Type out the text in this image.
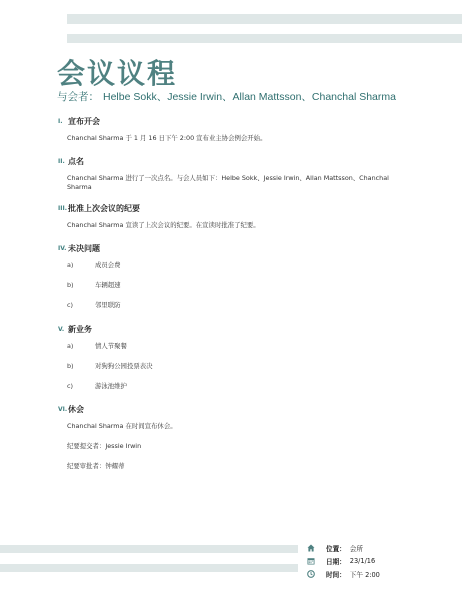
会议议程
与会者： Helbe Sokk、Jessie Irwin、Allan Mattsson、Chanchal Sharma
I. 宣布开会

Chanchal Sharma 于 1 月 16 日下午 2:00 宣布业主协会例会开始。

II. 点名

Chanchal Sharma 进行了一次点名。与会人员如下：Helbe Sokk、Jessie Irwin、Allan Mattsson、Chanchal Sharma

III. 批准上次会议的纪要

Chanchal Sharma 宣读了上次会议的纪要。在宣读时批准了纪要。

IV. 未决问题
a)	成员会费
b)	车辆超速
c)	邻里联防
V. 新业务
a)	情人节聚餐
b)	对狗狗公园投票表决
c)	游泳池维护
VI. 休会

Chanchal Sharma 在时间宣布休会。

纪要提交者：Jessie Irwin

纪要审批者：钟耀蒂

位置： 会所
日期： 23/1/16
时间： 下午 2:00
